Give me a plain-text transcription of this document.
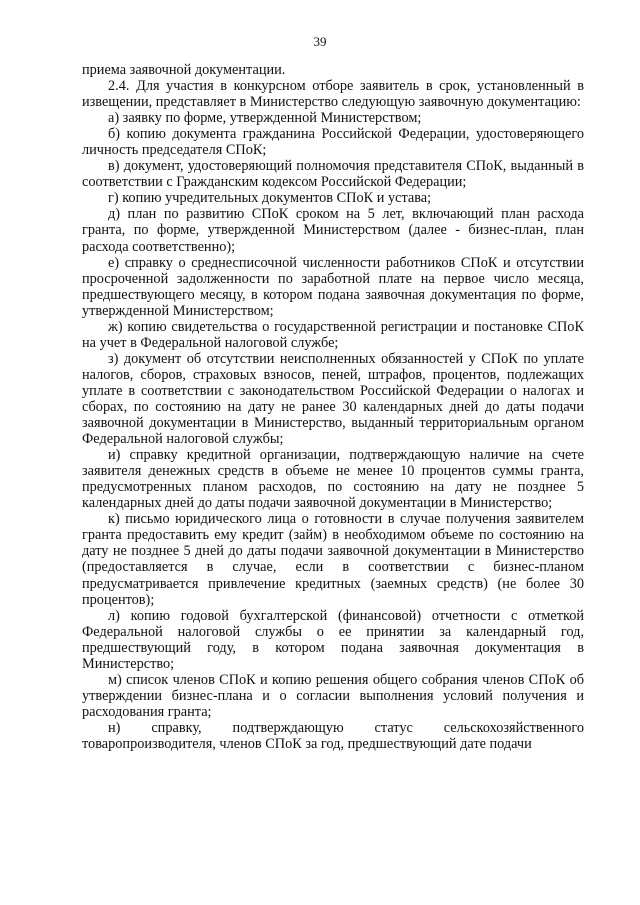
39

приема заявочной документации.

2.4. Для участия в конкурсном отборе заявитель в срок, установленный в извещении, представляет в Министерство следующую заявочную документацию:

а) заявку по форме, утвержденной Министерством;

б) копию документа гражданина Российской Федерации, удостоверяющего личность председателя СПоК;

в) документ, удостоверяющий полномочия представителя СПоК, выданный в соответствии с Гражданским кодексом Российской Федерации;

г) копию учредительных документов СПоК и устава;

д) план по развитию СПоК сроком на 5 лет, включающий план расхода гранта, по форме, утвержденной Министерством (далее - бизнес-план, план расхода соответственно);

е) справку о среднесписочной численности работников СПоК и отсутствии просроченной задолженности по заработной плате на первое число месяца, предшествующего месяцу, в котором подана заявочная документация по форме, утвержденной Министерством;

ж) копию свидетельства о государственной регистрации и постановке СПоК на учет в Федеральной налоговой службе;

з) документ об отсутствии неисполненных обязанностей у СПоК по уплате налогов, сборов, страховых взносов, пеней, штрафов, процентов, подлежащих уплате в соответствии с законодательством Российской Федерации о налогах и сборах, по состоянию на дату не ранее 30 календарных дней до даты подачи заявочной документации в Министерство, выданный территориальным органом Федеральной налоговой службы;

и) справку кредитной организации, подтверждающую наличие на счете заявителя денежных средств в объеме не менее 10 процентов суммы гранта, предусмотренных планом расходов, по состоянию на дату не позднее 5 календарных дней до даты подачи заявочной документации в Министерство;

к) письмо юридического лица о готовности в случае получения заявителем гранта предоставить ему кредит (займ) в необходимом объеме по состоянию на дату не позднее 5 дней до даты подачи заявочной документации в Министерство (предоставляется в случае, если в соответствии с бизнес-планом предусматривается привлечение кредитных (заемных средств) (не более 30 процентов);

л) копию годовой бухгалтерской (финансовой) отчетности с отметкой Федеральной налоговой службы о ее принятии за календарный год, предшествующий году, в котором подана заявочная документация в Министерство;

м) список членов СПоК и копию решения общего собрания членов СПоК об утверждении бизнес-плана и о согласии выполнения условий получения и расходования гранта;

н) справку, подтверждающую статус сельскохозяйственного товаропроизводителя, членов СПоК за год, предшествующий дате подачи
